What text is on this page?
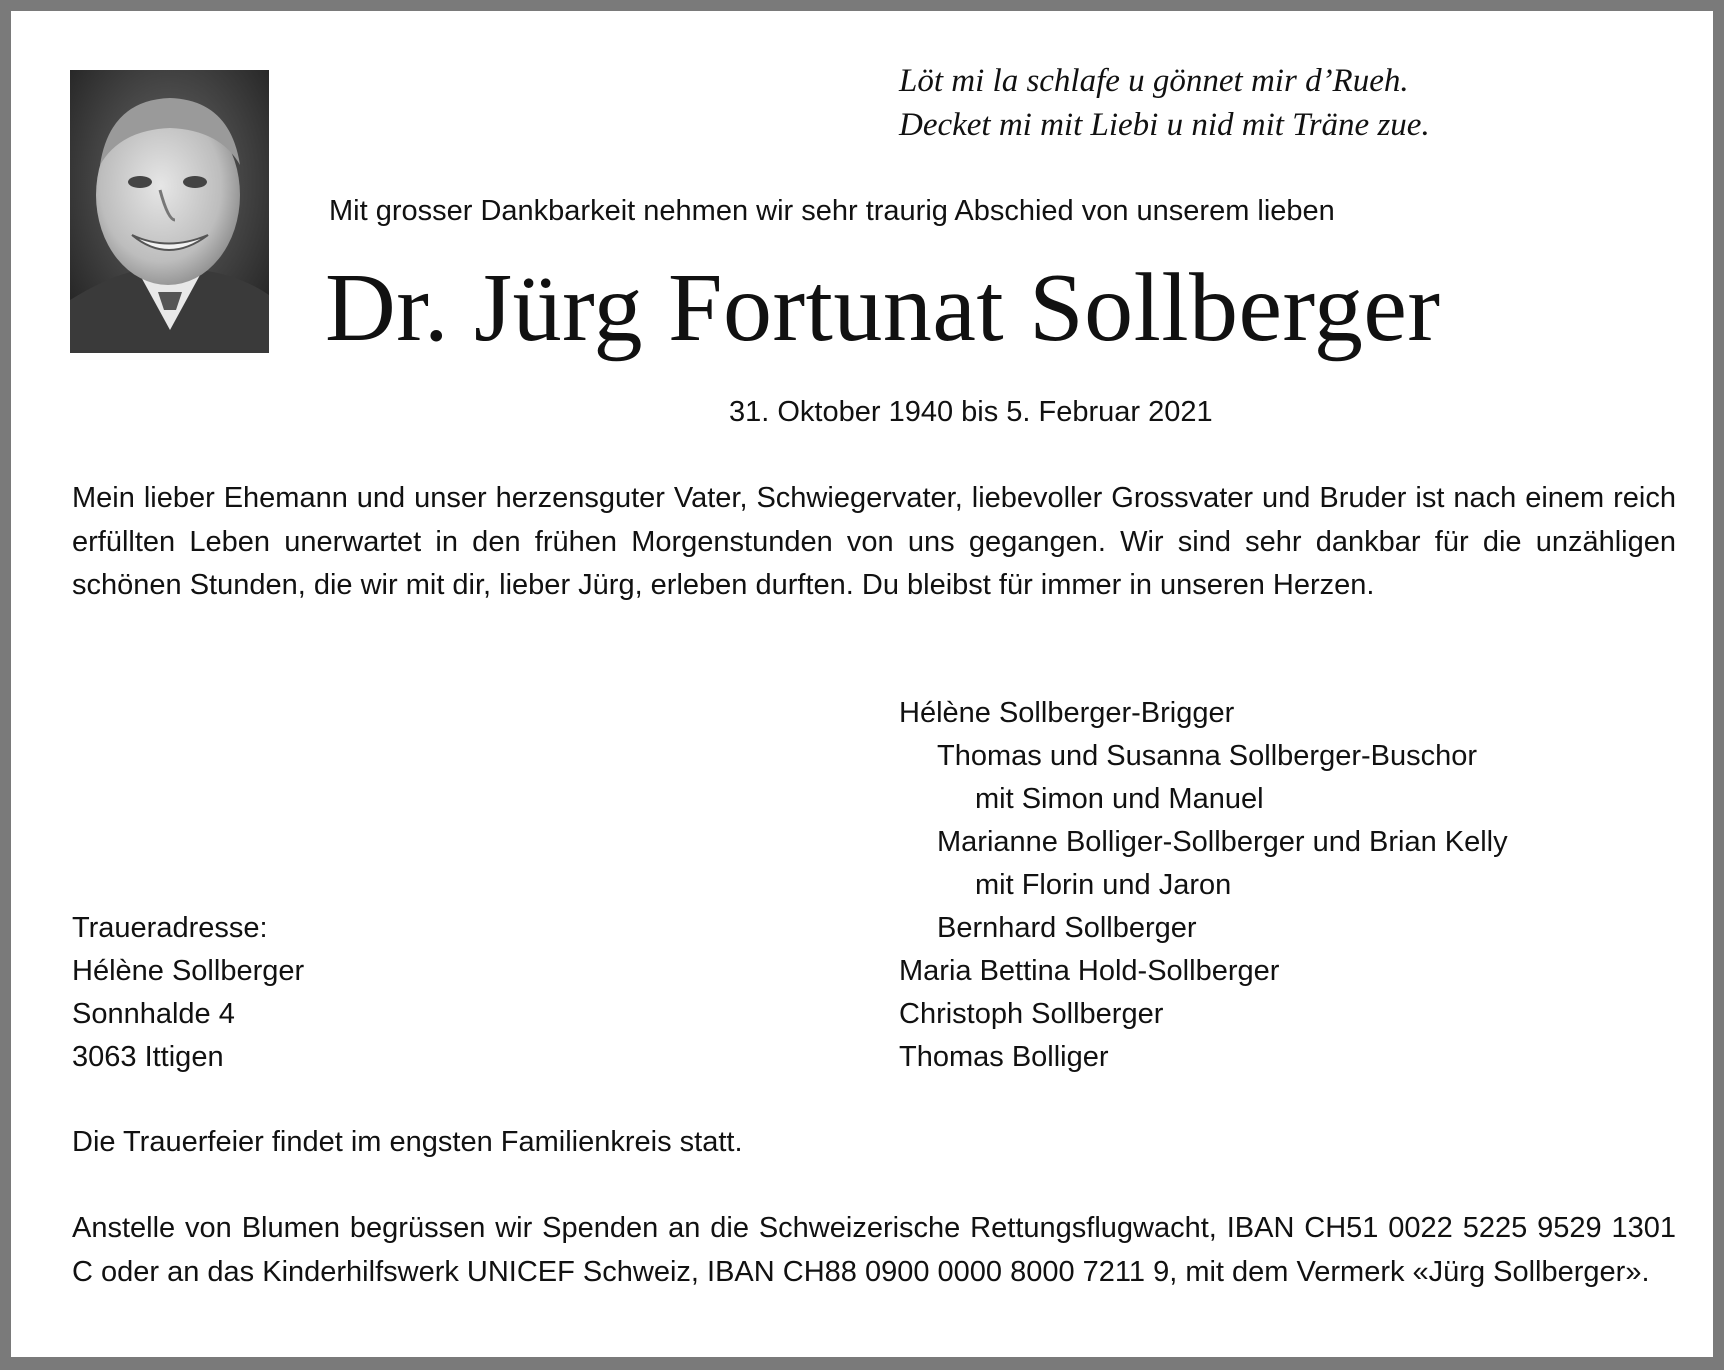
Löt mi la schlafe u gönnet mir d’Rueh.
Decket mi mit Liebi u nid mit Träne zue.
Mit grosser Dankbarkeit nehmen wir sehr traurig Abschied von unserem lieben
Dr. Jürg Fortunat Sollberger
31. Oktober 1940 bis 5. Februar 2021
Mein lieber Ehemann und unser herzensguter Vater, Schwiegervater, liebevoller Grossvater und Bruder ist nach einem reich erfüllten Leben unerwartet in den frühen Morgenstunden von uns gegangen. Wir sind sehr dankbar für die unzähligen schönen Stunden, die wir mit dir, lieber Jürg, erleben durften. Du bleibst für immer in unseren Herzen.
Hélène Sollberger-Brigger
Thomas und Susanna Sollberger-Buschor
mit Simon und Manuel
Marianne Bolliger-Sollberger und Brian Kelly
mit Florin und Jaron
Bernhard Sollberger
Maria Bettina Hold-Sollberger
Christoph Sollberger
Thomas Bolliger
Traueradresse:
Hélène Sollberger
Sonnhalde 4
3063 Ittigen
Die Trauerfeier findet im engsten Familienkreis statt.
Anstelle von Blumen begrüssen wir Spenden an die Schweizerische Rettungsflugwacht, IBAN CH51 0022 5225 9529 1301 C oder an das Kinderhilfswerk UNICEF Schweiz, IBAN CH88 0900 0000 8000 7211 9, mit dem Vermerk «Jürg Sollberger».
